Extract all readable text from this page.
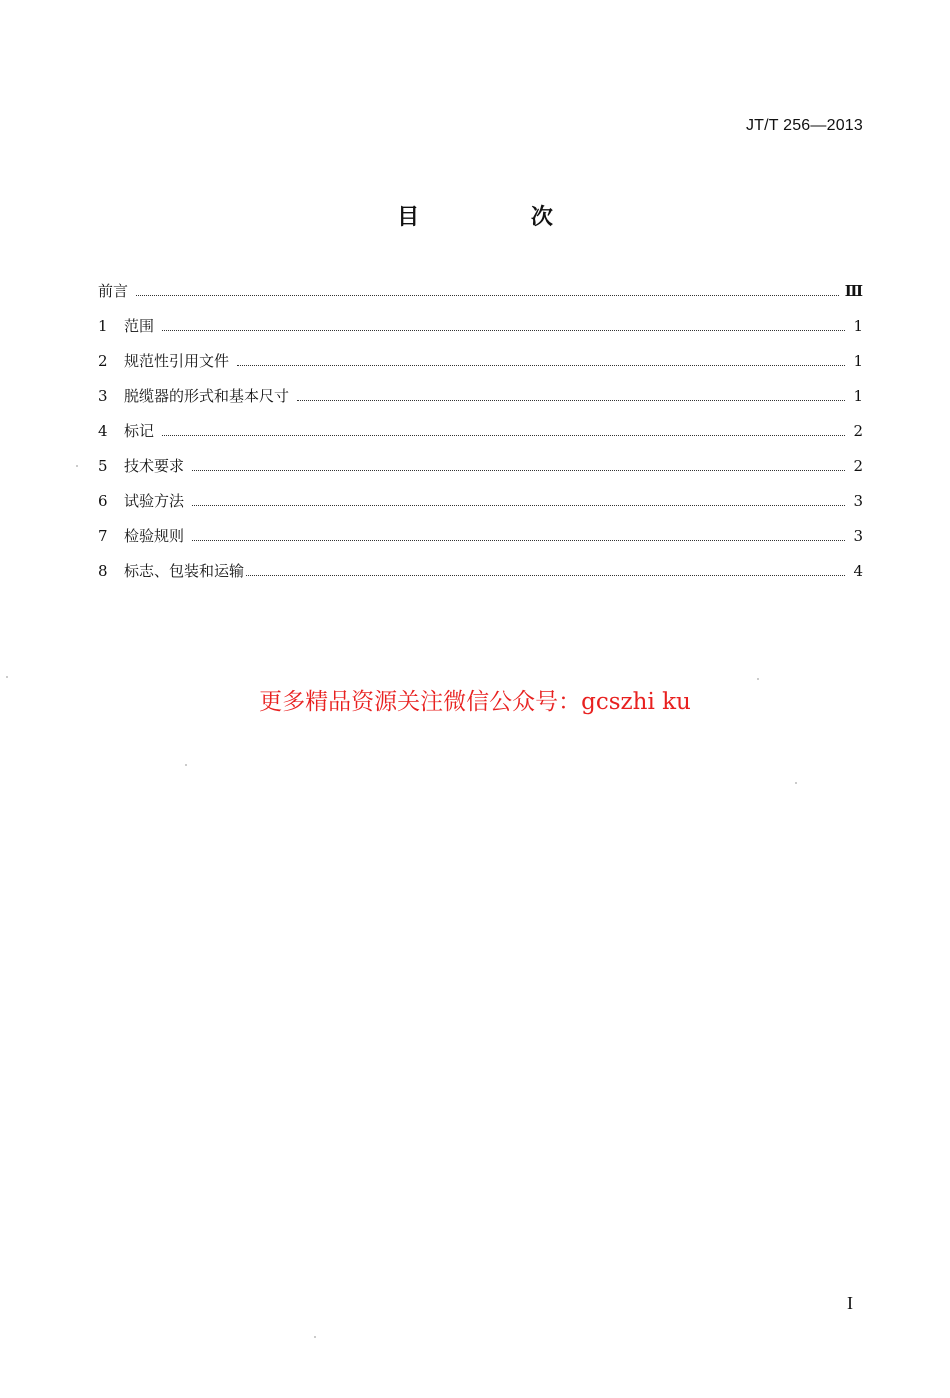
JT/T 256—2013
目 次
前言	Ⅲ
1	范围	1
2	规范性引用文件	1
3	脱缆器的形式和基本尺寸	1
4	标记	2
5	技术要求	2
6	试验方法	3
7	检验规则	3
8	标志、包装和运输	4
更多精品资源关注微信公众号：gcszhi ku
I
